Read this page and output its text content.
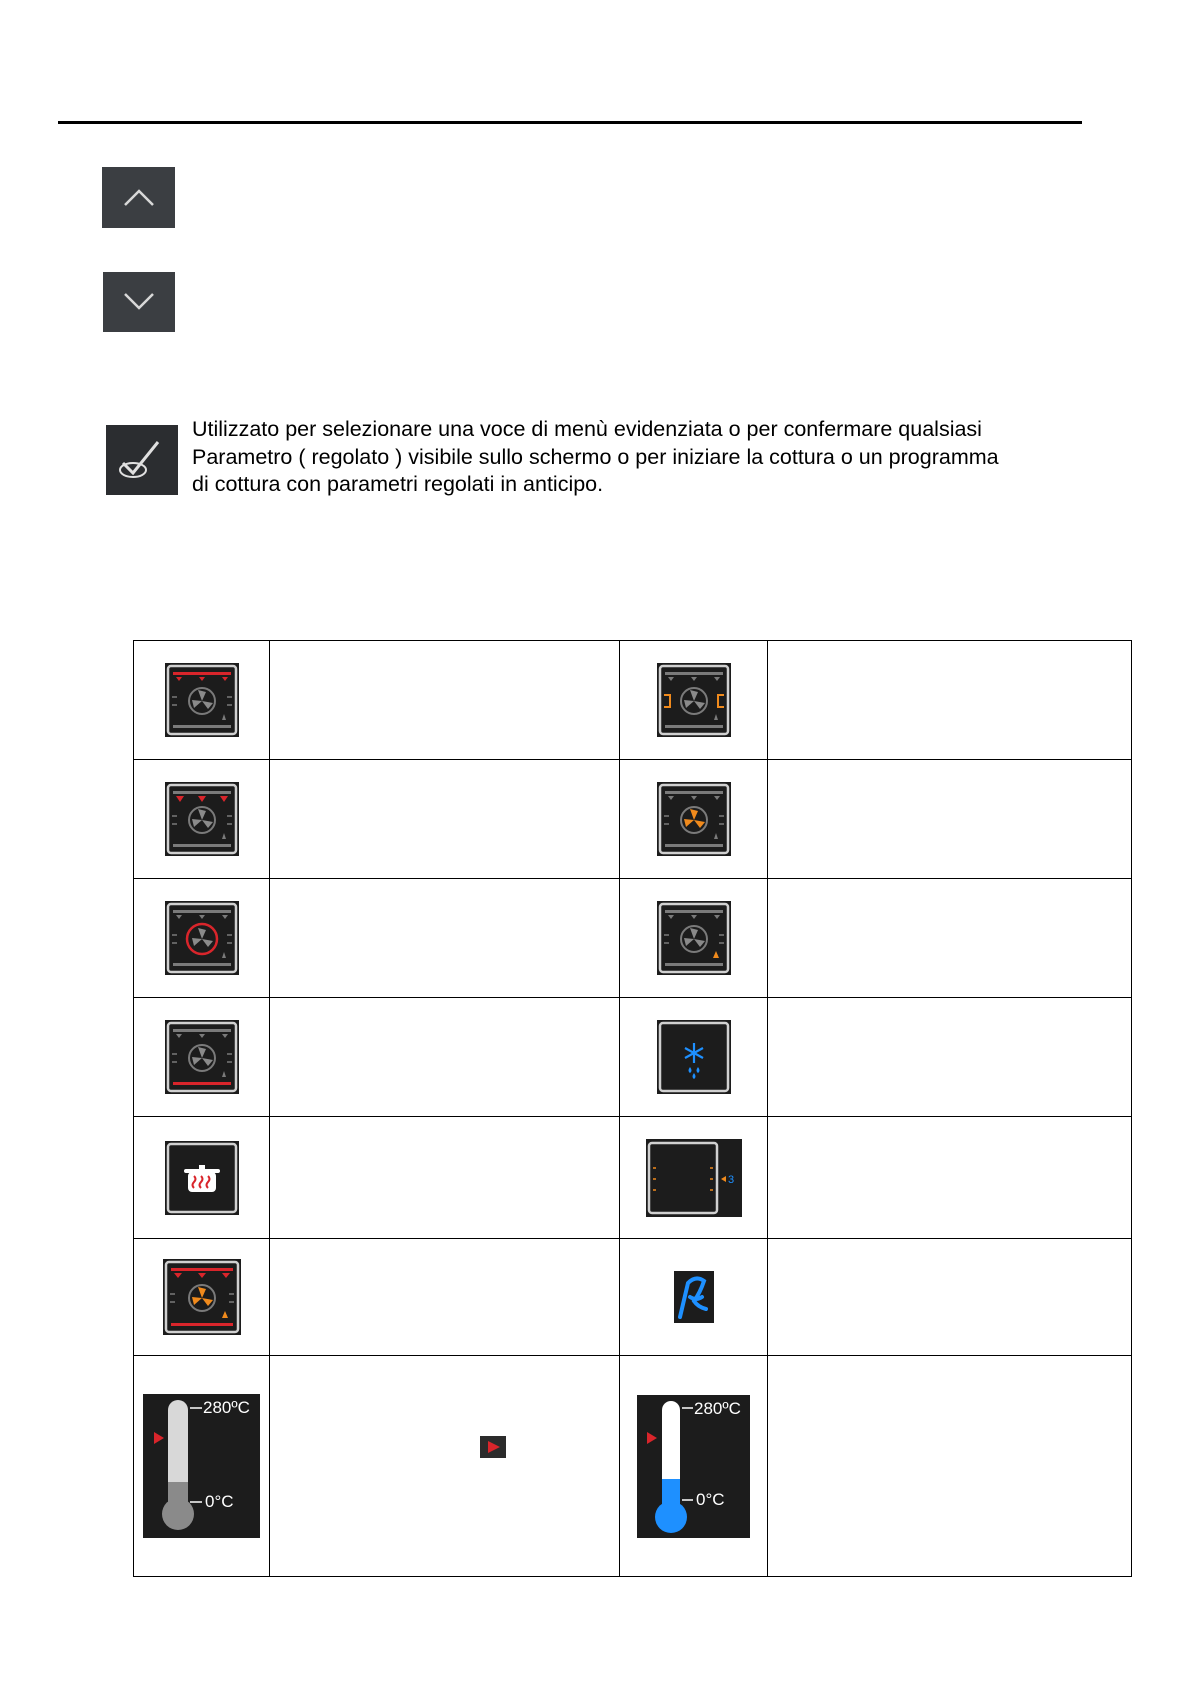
Utilizzato per selezionare una voce di menù evidenziata o per confermare qualsiasi
Parametro ( regolato ) visibile sullo schermo o per iniziare la cottura o un programma
di cottura con parametri regolati in anticipo.

3	

280ºC
0°C		280ºC
0°C	
